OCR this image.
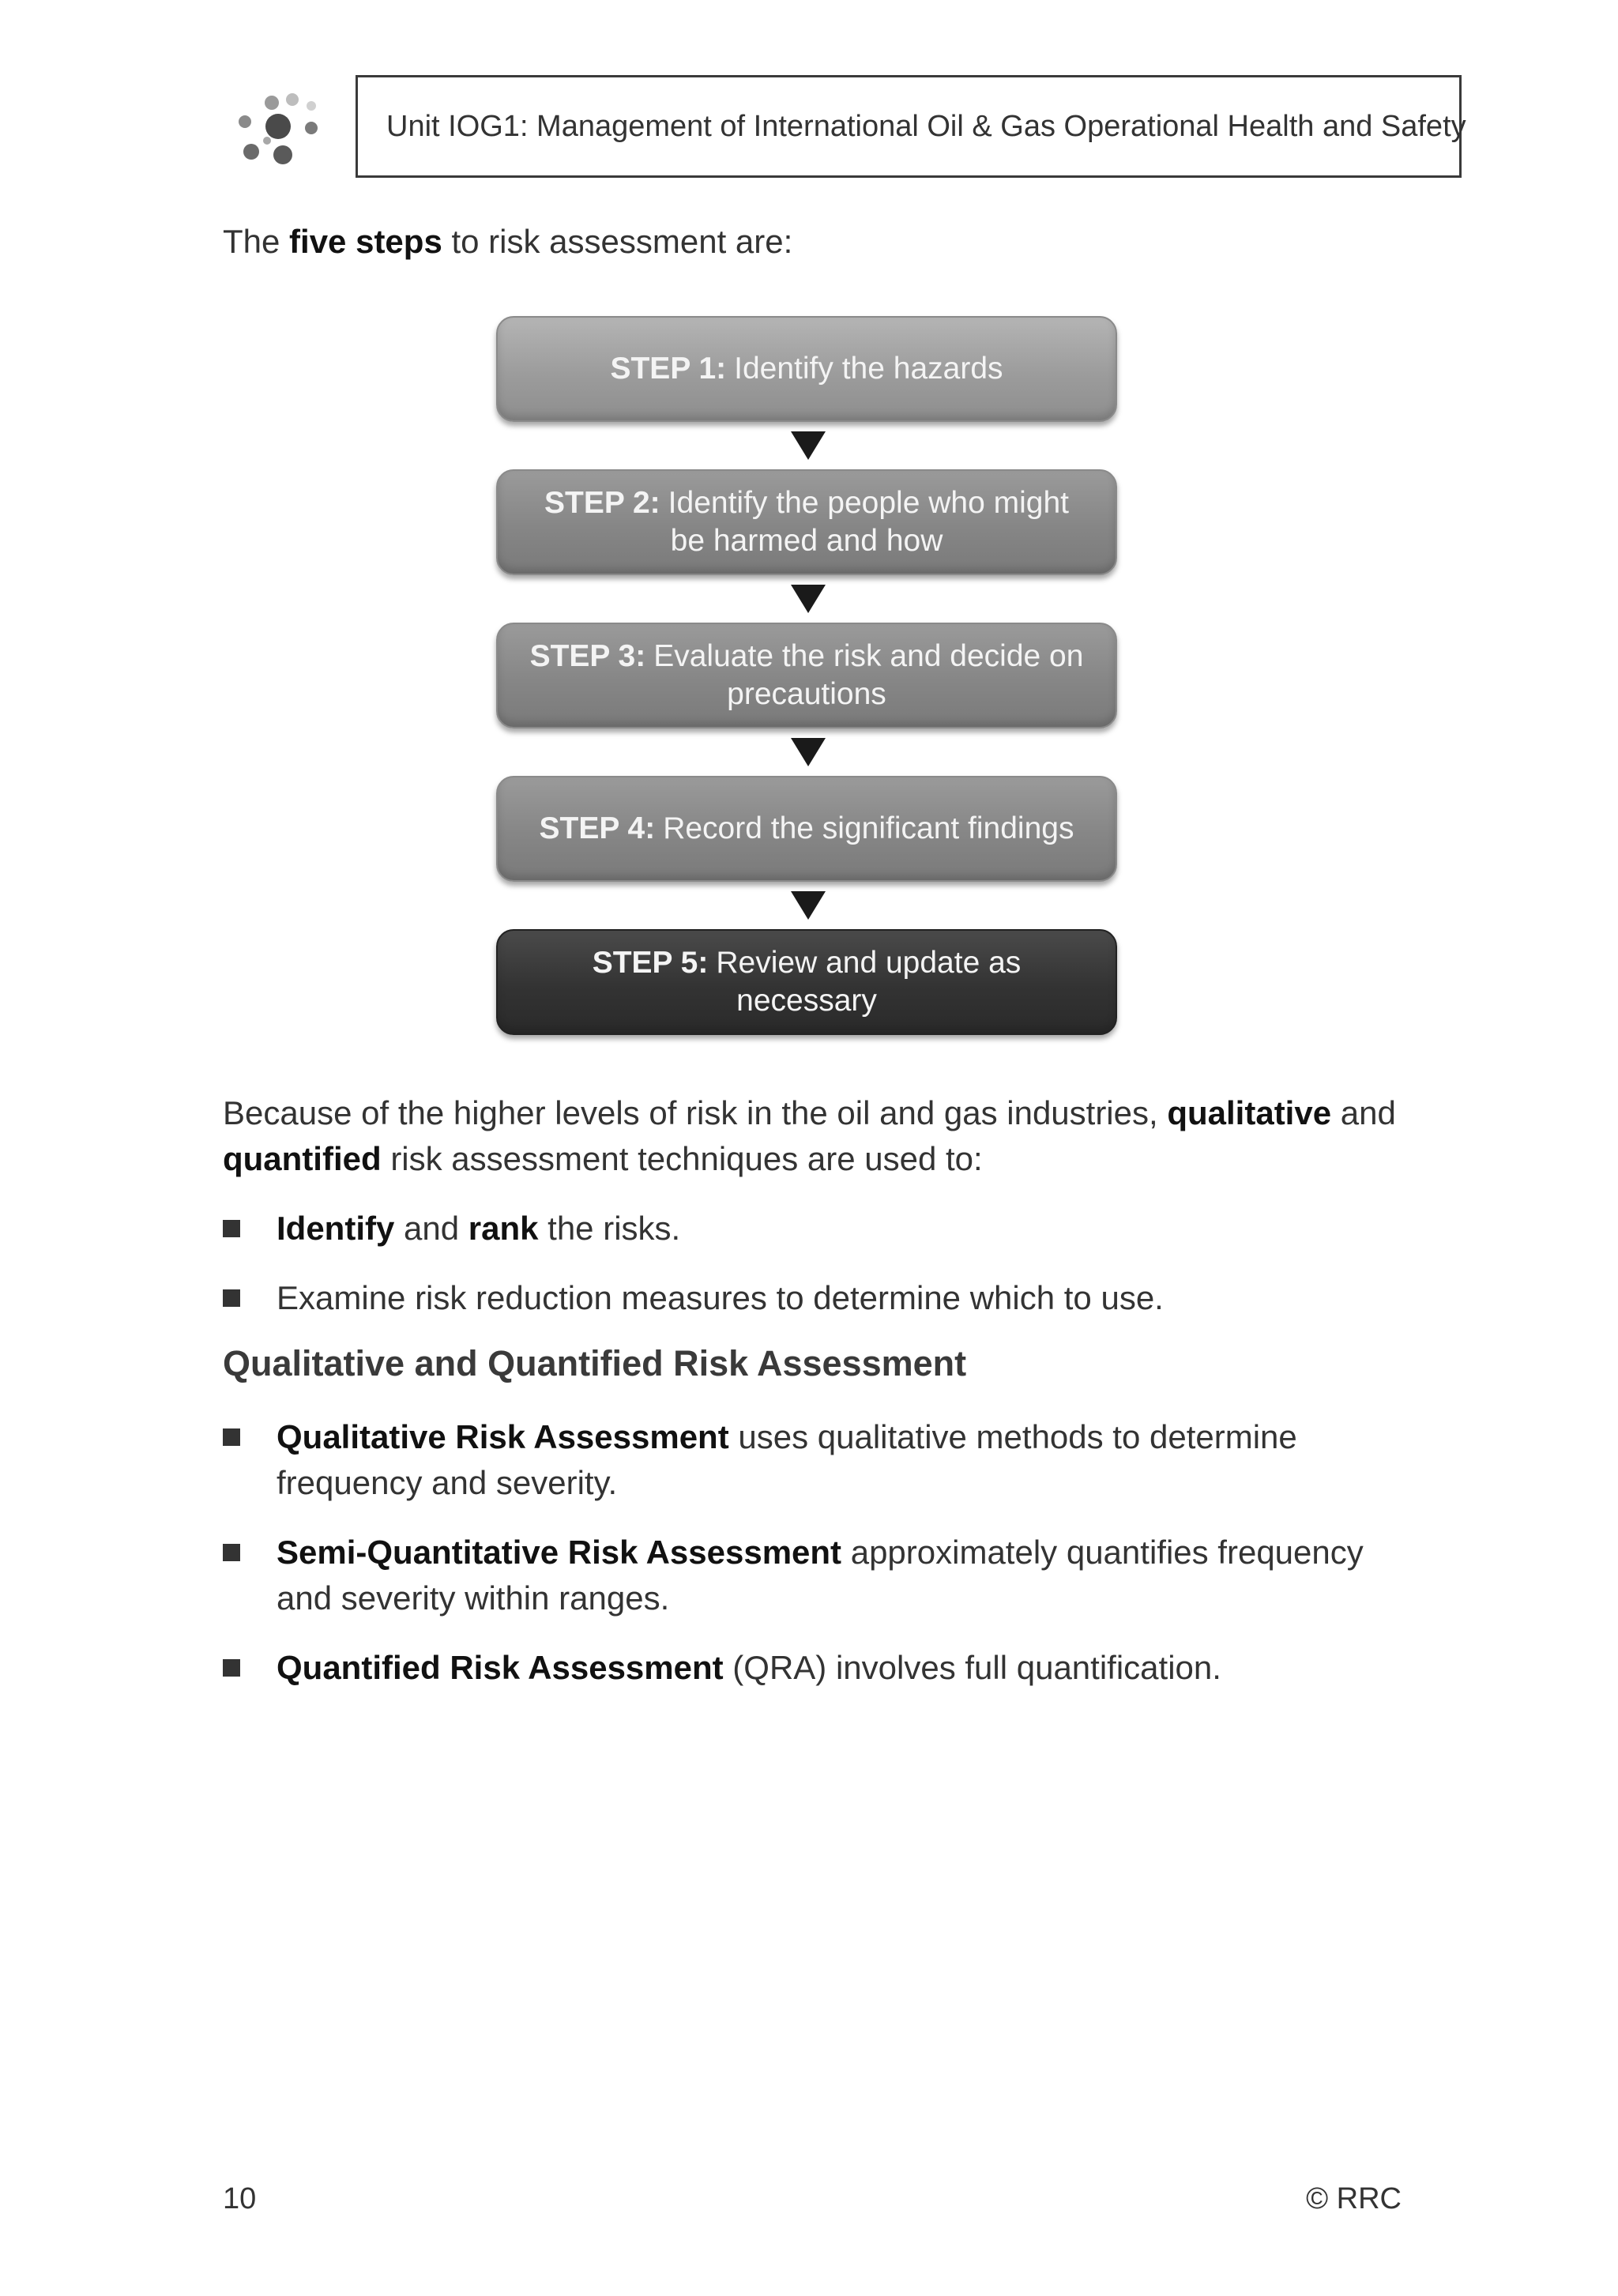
Unit IOG1: Management of International Oil & Gas Operational Health and Safety
The five steps to risk assessment are:
STEP 1: Identify the hazards
STEP 2: Identify the people who might be harmed and how
STEP 3: Evaluate the risk and decide on precautions
STEP 4: Record the significant findings
STEP 5: Review and update as necessary
Because of the higher levels of risk in the oil and gas industries, qualitative and quantified risk assessment techniques are used to:
Identify and rank the risks.
Examine risk reduction measures to determine which to use.
Qualitative and Quantified Risk Assessment
Qualitative Risk Assessment uses qualitative methods to determine frequency and severity.
Semi-Quantitative Risk Assessment approximately quantifies frequency and severity within ranges.
Quantified Risk Assessment (QRA) involves full quantification.
10	© RRC
